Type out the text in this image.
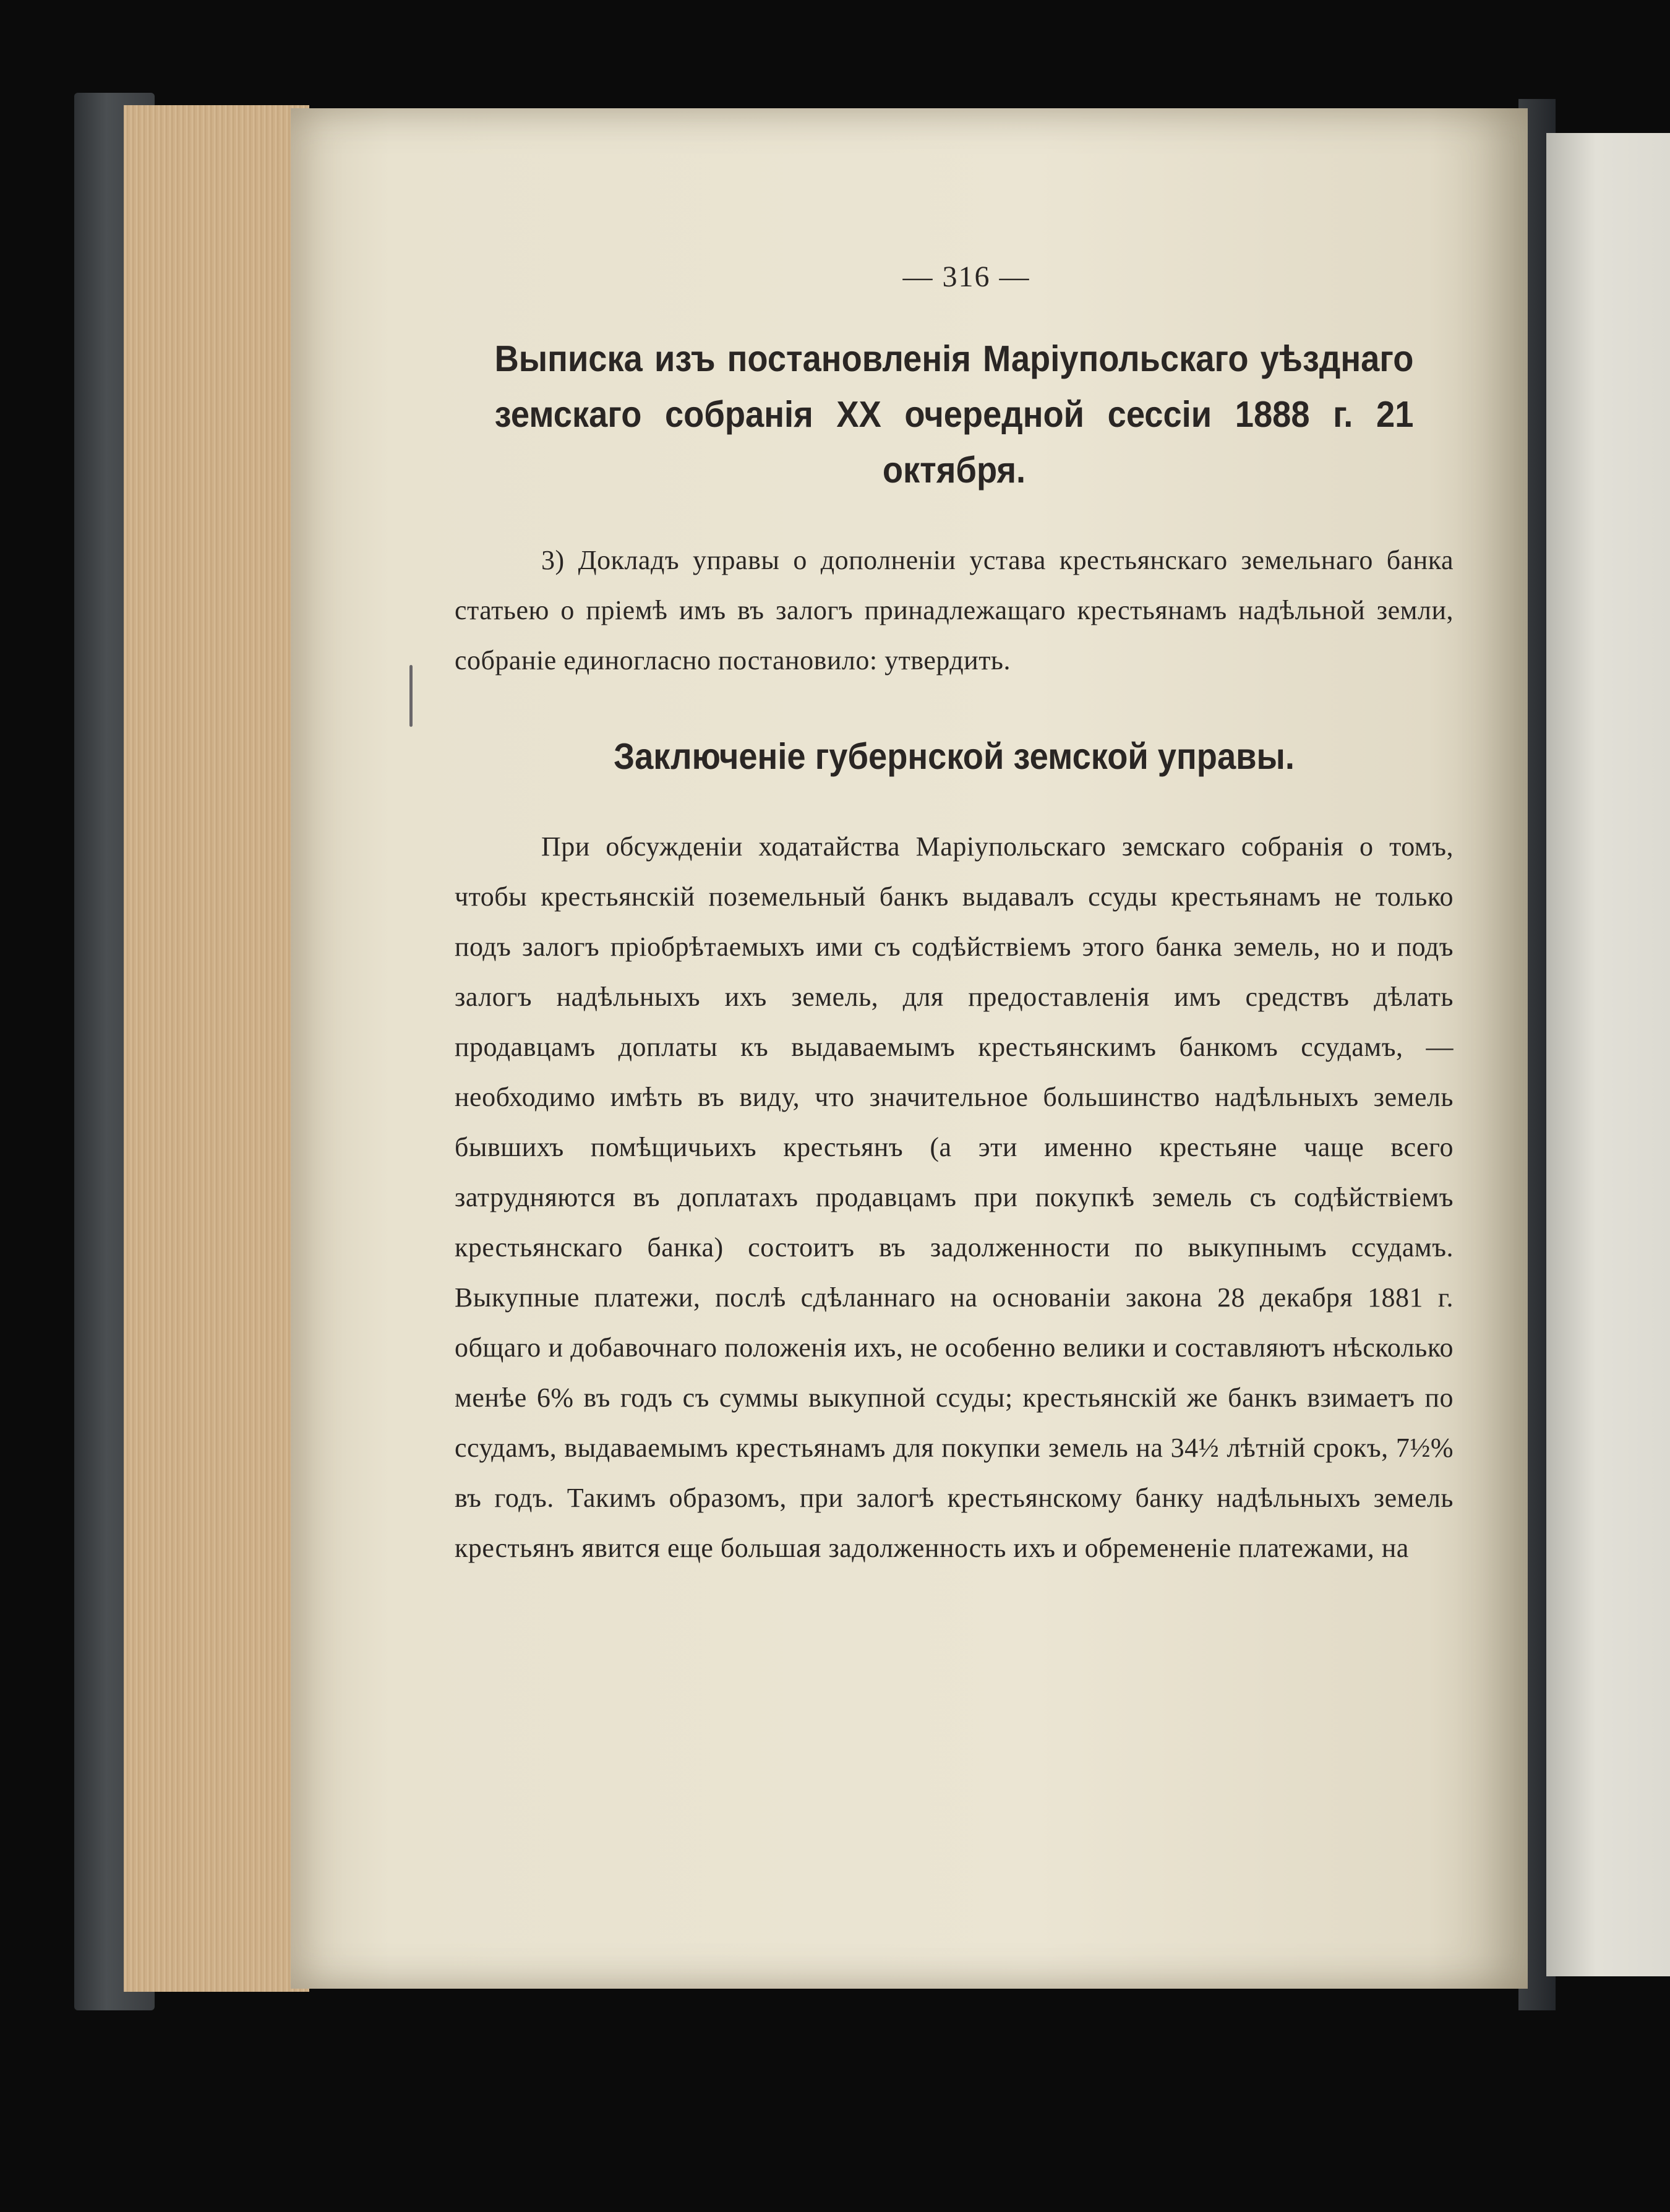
— 316 —
Выписка изъ постановленія Маріупольскаго уѣзднаго земскаго собранія XX очередной сессіи 1888 г. 21 октября.
3) Докладъ управы о дополненіи устава крестьянскаго земельнаго банка статьею о пріемѣ имъ въ залогъ принадлежащаго крестьянамъ надѣльной земли, собраніе единогласно постановило: утвердить.
Заключеніе губернской земской управы.
При обсужденіи ходатайства Маріупольскаго земскаго собранія о томъ, чтобы крестьянскій поземельный банкъ выдавалъ ссуды крестьянамъ не только подъ залогъ пріобрѣтаемыхъ ими съ содѣйствіемъ этого банка земель, но и подъ залогъ надѣльныхъ ихъ земель, для предоставленія имъ средствъ дѣлать продавцамъ доплаты къ выдаваемымъ крестьянскимъ банкомъ ссудамъ, — необходимо имѣть въ виду, что значительное большинство надѣльныхъ земель бывшихъ помѣщичьихъ крестьянъ (а эти именно крестьяне чаще всего затрудняются въ доплатахъ продавцамъ при покупкѣ земель съ содѣйствіемъ крестьянскаго банка) состоитъ въ задолженности по выкупнымъ ссудамъ. Выкупные платежи, послѣ сдѣланнаго на основаніи закона 28 декабря 1881 г. общаго и добавочнаго положенія ихъ, не особенно велики и составляютъ нѣсколько менѣе 6% въ годъ съ суммы выкупной ссуды; крестьянскій же банкъ взимаетъ по ссудамъ, выдаваемымъ крестьянамъ для покупки земель на 34½ лѣтній срокъ, 7½% въ годъ. Такимъ образомъ, при залогѣ крестьянскому банку надѣльныхъ земель крестьянъ явится еще большая задолженность ихъ и обремененіе платежами, на
